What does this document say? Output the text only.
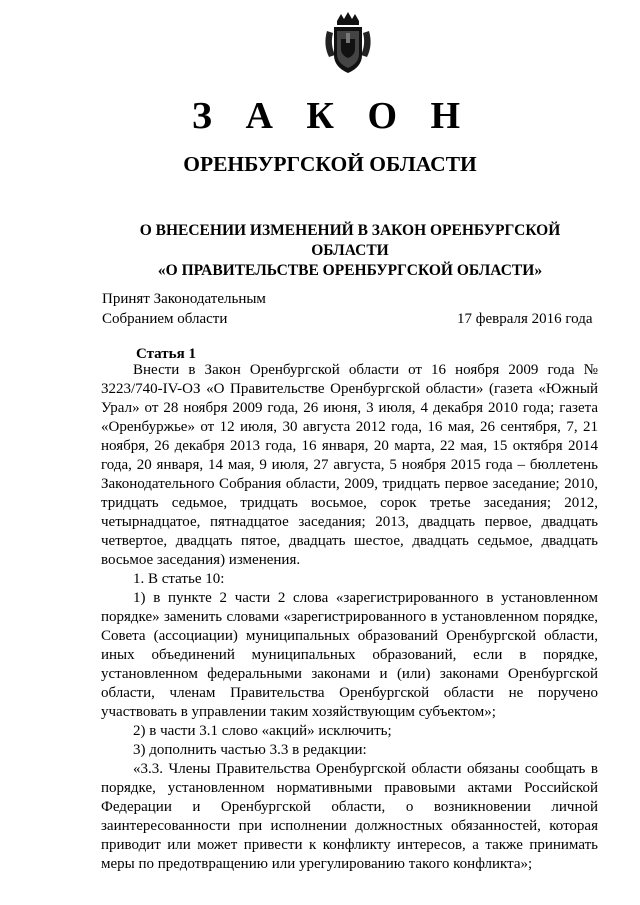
З А К О Н
ОРЕНБУРГСКОЙ ОБЛАСТИ
О ВНЕСЕНИИ ИЗМЕНЕНИЙ В ЗАКОН ОРЕНБУРГСКОЙ ОБЛАСТИ
«О ПРАВИТЕЛЬСТВЕ ОРЕНБУРГСКОЙ ОБЛАСТИ»
Принят Законодательным
Собранием области	17 февраля 2016 года
Статья 1

Внести в Закон Оренбургской области от 16 ноября 2009 года № 3223/740-IV-ОЗ «О Правительстве Оренбургской области» (газета «Южный Урал» от 28 ноября 2009 года, 26 июня, 3 июля, 4 декабря 2010 года; газета «Оренбуржье» от 12 июля, 30 августа 2012 года, 16 мая, 26 сентября, 7, 21 ноября, 26 декабря 2013 года, 16 января, 20 марта, 22 мая, 15 октября 2014 года, 20 января, 14 мая, 9 июля, 27 августа, 5 ноября 2015 года – бюллетень Законодательного Собрания области, 2009, тридцать первое заседание; 2010, тридцать седьмое, тридцать восьмое, сорок третье заседания; 2012, четырнадцатое, пятнадцатое заседания; 2013, двадцать первое, двадцать четвертое, двадцать пятое, двадцать шестое, двадцать седьмое, двадцать восьмое заседания) изменения.

1. В статье 10:

1) в пункте 2 части 2 слова «зарегистрированного в установленном порядке» заменить словами «зарегистрированного в установленном порядке, Совета (ассоциации) муниципальных образований Оренбургской области, иных объединений муниципальных образований, если в порядке, установленном федеральными законами и (или) законами Оренбургской области, членам Правительства Оренбургской области не поручено участвовать в управлении таким хозяйствующим субъектом»;

2) в части 3.1 слово «акций» исключить;

3) дополнить частью 3.3 в редакции:

«3.3. Члены Правительства Оренбургской области обязаны сообщать в порядке, установленном нормативными правовыми актами Российской Федерации и Оренбургской области, о возникновении личной заинтересованности при исполнении должностных обязанностей, которая приводит или может привести к конфликту интересов, а также принимать меры по предотвращению или урегулированию такого конфликта»;
